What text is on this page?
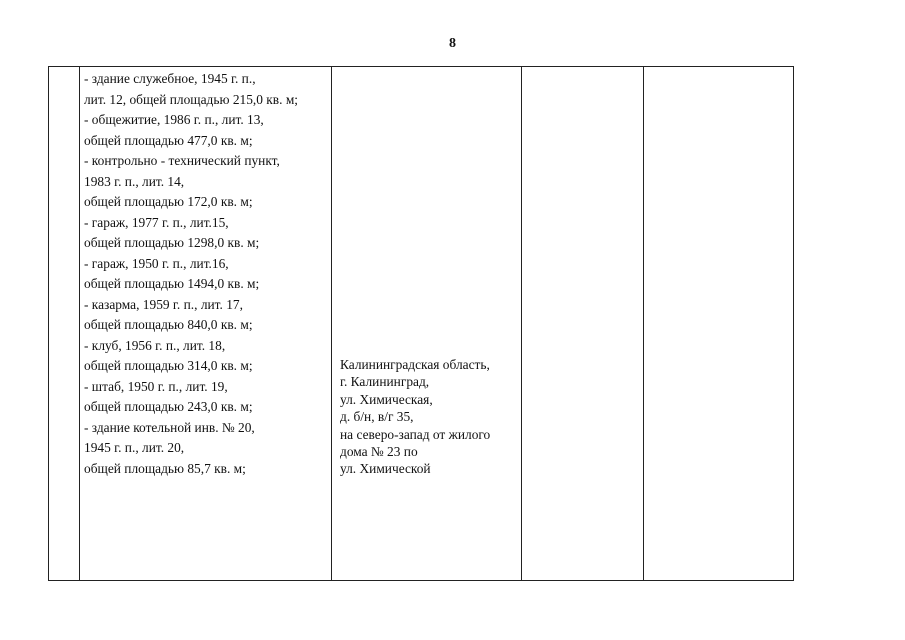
8
- здание служебное, 1945 г. п.,
лит. 12, общей площадью 215,0 кв. м;
- общежитие, 1986 г. п., лит. 13,
общей площадью 477,0 кв. м;
- контрольно - технический пункт,
1983 г. п., лит. 14,
общей площадью 172,0 кв. м;
- гараж, 1977 г. п., лит.15,
общей площадью 1298,0 кв. м;
- гараж, 1950 г. п., лит.16,
общей площадью 1494,0 кв. м;
- казарма, 1959 г. п., лит. 17,
общей площадью 840,0 кв. м;
- клуб, 1956 г. п., лит. 18,
общей площадью 314,0 кв. м;
- штаб, 1950 г. п., лит. 19,
общей площадью 243,0 кв. м;
- здание котельной инв. № 20,
1945 г. п., лит. 20,
общей площадью 85,7 кв. м;
Калининградская область,
г. Калининград,
ул. Химическая,
д. б/н, в/г 35,
на северо-запад от жилого
дома № 23 по
ул. Химической
